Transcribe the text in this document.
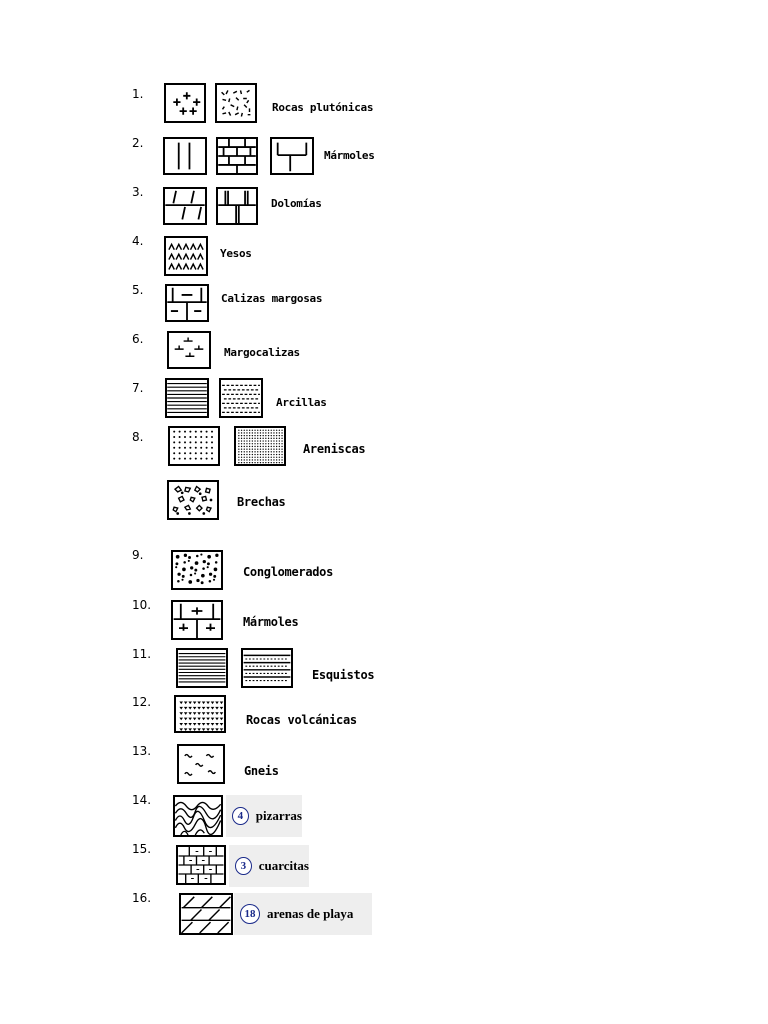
1.
Rocas plutónicas
2.
Mármoles
3.
Dolomías
4.
Yesos
5.
Calizas margosas
6.
Margocalizas
7.
Arcillas
8.
Areniscas
Brechas
9.
Conglomerados
10.
Mármoles
11.
Esquistos
12.
Rocas volcánicas
13.
Gneis
14.
4 pizarras
15.
3 cuarcitas
16.
18 arenas de playa
